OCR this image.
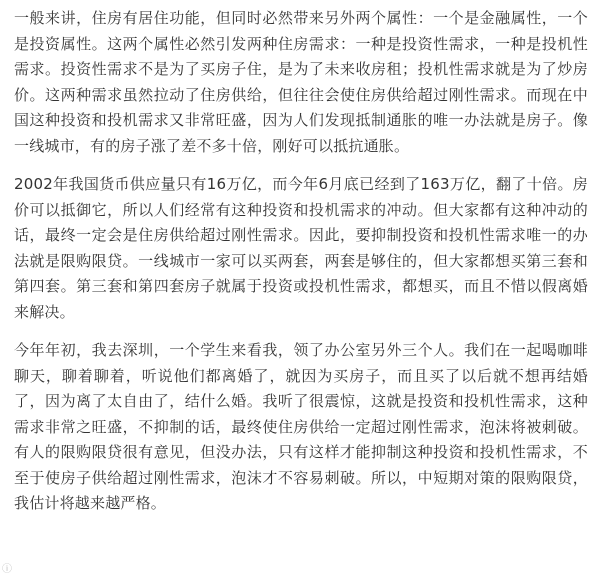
一般来讲，住房有居住功能，但同时必然带来另外两个属性：一个是金融属性，一个是投资属性。这两个属性必然引发两种住房需求：一种是投资性需求，一种是投机性需求。投资性需求不是为了买房子住，是为了未来收房租；投机性需求就是为了炒房价。这两种需求虽然拉动了住房供给，但往往会使住房供给超过刚性需求。而现在中国这种投资和投机需求又非常旺盛，因为人们发现抵制通胀的唯一办法就是房子。像一线城市，有的房子涨了差不多十倍，刚好可以抵抗通胀。

2002年我国货币供应量只有16万亿，而今年6月底已经到了163万亿，翻了十倍。房价可以抵御它，所以人们经常有这种投资和投机需求的冲动。但大家都有这种冲动的话，最终一定会是住房供给超过刚性需求。因此，要抑制投资和投机性需求唯一的办法就是限购限贷。一线城市一家可以买两套，两套是够住的，但大家都想买第三套和第四套。第三套和第四套房子就属于投资或投机性需求，都想买，而且不惜以假离婚来解决。

今年年初，我去深圳，一个学生来看我，领了办公室另外三个人。我们在一起喝咖啡聊天，聊着聊着，听说他们都离婚了，就因为买房子，而且买了以后就不想再结婚了，因为离了太自由了，结什么婚。我听了很震惊，这就是投资和投机性需求，这种需求非常之旺盛，不抑制的话，最终使住房供给一定超过刚性需求，泡沫将被刺破。有人的限购限贷很有意见，但没办法，只有这样才能抑制这种投资和投机性需求，不至于使房子供给超过刚性需求，泡沫才不容易刺破。所以，中短期对策的限购限贷，我估计将越来越严格。

ⓘ
